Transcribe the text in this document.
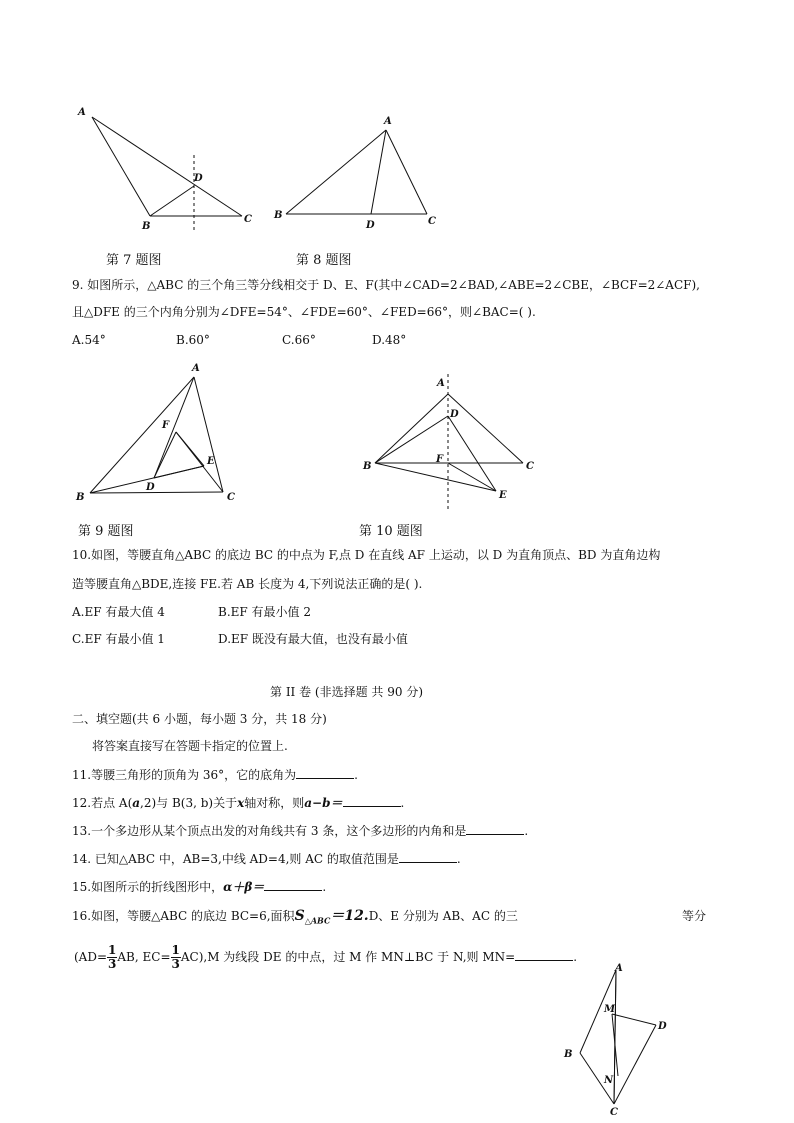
A
B
C
D
第 7 题图
A
B
C
D
第 8 题图
9. 如图所示，△ABC 的三个角三等分线相交于 D、E、F(其中∠CAD=2∠BAD,∠ABE=2∠CBE，∠BCF=2∠ACF),
且△DFE 的三个内角分别为∠DFE=54°、∠FDE=60°、∠FED=66°，则∠BAC=( ).
A.54°	B.60°	C.66°	D.48°
A
B	C
D
E
F
第 9 题图
A
B	C
D
E
F
第 10 题图
10.如图，等腰直角△ABC 的底边 BC 的中点为 F,点 D 在直线 AF 上运动，以 D 为直角顶点、BD 为直角边构
造等腰直角△BDE,连接 FE.若 AB 长度为 4,下列说法正确的是( ).
A.EF 有最大值 4	B.EF 有最小值 2
C.EF 有最小值 1	D.EF 既没有最大值，也没有最小值
第 II 卷 (非选择题 共 90 分)
二、填空题(共 6 小题，每小题 3 分，共 18 分)
将答案直接写在答题卡指定的位置上.
11.等腰三角形的顶角为 36°，它的底角为	.
12.若点 A(a,2)与 B(3, b)关于x轴对称，则a−b＝	.
13.一个多边形从某个顶点出发的对角线共有 3 条，这个多边形的内角和是	.
14. 已知△ABC 中，AB=3,中线 AD=4,则 AC 的取值范围是	.
15.如图所示的折线图形中，α＋β＝	.
16.如图，等腰△ABC 的底边 BC=6,面积$S_{\triangle ABC}=12.D$、E 分别为 AB、AC 的三	等分
($AD= \frac{1}{3}$ AB, $EC= \frac{1}{3} AC),M$ 为线段 DE 的中点，过 M 作 MN⊥BC 于 N,则 MN=	.
A
B
C
D
M
N
